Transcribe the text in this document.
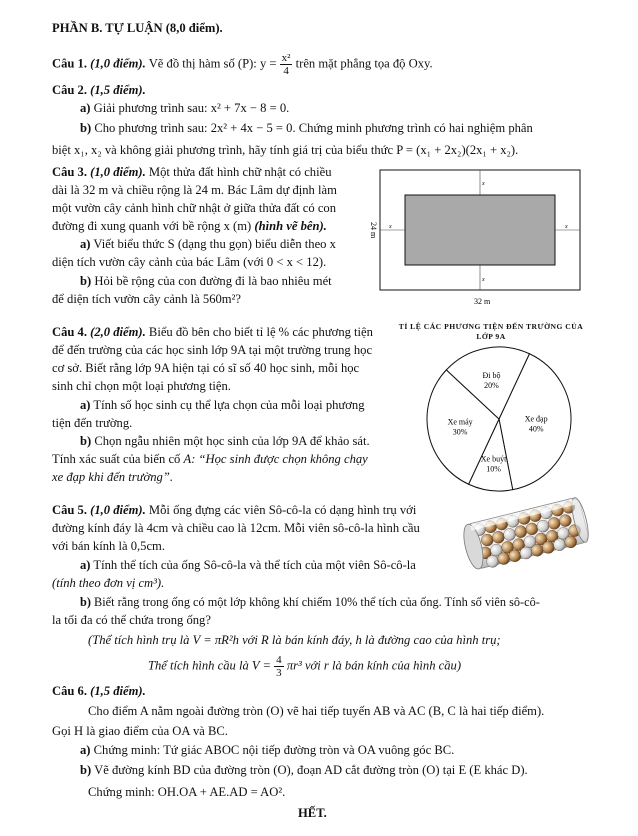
PHẦN B. TỰ LUẬN (8,0 điểm).
Câu 1. (1,0 điểm). Vẽ đồ thị hàm số (P): $y = \frac{\text{x²}}{4}$ trên mặt phẳng tọa độ Oxy.
Câu 2. (1,5 điểm).
a) Giải phương trình sau: x² + 7x − 8 = 0.
b) Cho phương trình sau: 2x² + 4x − 5 = 0. Chứng minh phương trình có hai nghiệm phân
biệt x₁, x₂ và không giải phương trình, hãy tính giá trị của biểu thức P = (x₁ + 2x₂)(2x₁ + x₂).
Câu 3. (1,0 điểm). Một thửa đất hình chữ nhật có chiều
dài là 32 m và chiều rộng là 24 m. Bác Lâm dự định làm
một vườn cây cảnh hình chữ nhật ở giữa thửa đất có con
đường đi xung quanh với bề rộng x (m) (hình vẽ bên).
a) Viết biểu thức S (dạng thu gọn) biểu diễn theo x
diện tích vườn cây cảnh của bác Lâm (với 0 < x < 12).
b) Hỏi bề rộng của con đường đi là bao nhiêu mét
để diện tích vườn cây cảnh là 560m²?
x
x
x	x
32 m
24 m
Câu 4. (2,0 điểm). Biểu đồ bên cho biết tỉ lệ % các phương tiện
để đến trường của các học sinh lớp 9A tại một trường trung học
cơ sở. Biết rằng lớp 9A hiện tại có sĩ số 40 học sinh, mỗi học
sinh chỉ chọn một loại phương tiện.
a) Tính số học sinh cụ thể lựa chọn của mỗi loại phương
tiện đến trường.
b) Chọn ngẫu nhiên một học sinh của lớp 9A để khảo sát.
Tính xác suất của biến cố A: “Học sinh được chọn không chạy
xe đạp khi đến trường”.
TỈ LỆ CÁC PHƯƠNG TIỆN ĐẾN TRƯỜNG CỦA LỚP 9A
Xe đạp
40%
Xe buýt
10%
Xe máy
30%
Đi bộ
20%
Câu 5. (1,0 điểm). Mỗi ống đựng các viên Sô-cô-la có dạng hình trụ với
đường kính đáy là 4cm và chiều cao là 12cm. Mỗi viên sô-cô-la hình cầu
với bán kính là 0,5cm.
a) Tính thể tích của ống Sô-cô-la và thể tích của một viên Sô-cô-la
(tính theo đơn vị cm³).
b) Biết rằng trong ống có một lớp không khí chiếm 10% thể tích của ống. Tính số viên sô-cô-
la tối đa có thể chứa trong ống?
(Thể tích hình trụ là V = πR²h với R là bán kính đáy, h là đường cao của hình trụ;
Thể tích hình cầu là $V = \frac{4}{3} \pi r^3$ với r là bán kính của hình cầu)
Câu 6. (1,5 điểm).
Cho điểm A nằm ngoài đường tròn (O) vẽ hai tiếp tuyến AB và AC (B, C là hai tiếp điểm).
Gọi H là giao điểm của OA và BC.
a) Chứng minh: Tứ giác ABOC nội tiếp đường tròn và OA vuông góc BC.
b) Vẽ đường kính BD của đường tròn (O), đoạn AD cắt đường tròn (O) tại E (E khác D).
Chứng minh: OH.OA + AE.AD = AO².
HẾT.
